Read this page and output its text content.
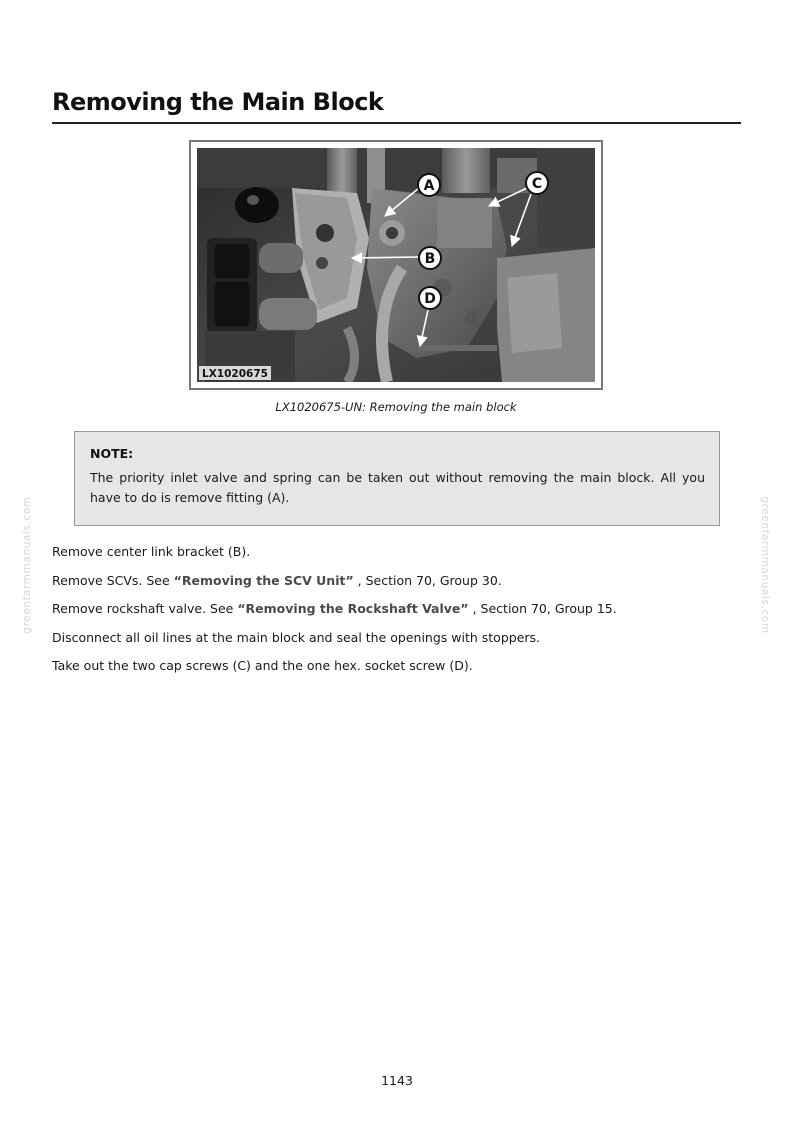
Removing the Main Block
LX1020675
A	C
B
D
LX1020675-UN: Removing the main block

NOTE:

The priority inlet valve and spring can be taken out without removing the main block. All you have to do is remove fitting (A).

Remove center link bracket (B).
Remove SCVs. See “Removing the SCV Unit” , Section 70, Group 30.
Remove rockshaft valve. See “Removing the Rockshaft Valve” , Section 70, Group 15.
Disconnect all oil lines at the main block and seal the openings with stoppers.
Take out the two cap screws (C) and the one hex. socket screw (D).
greenfarmmanuals.com	greenfarmmanuals.com
1143
